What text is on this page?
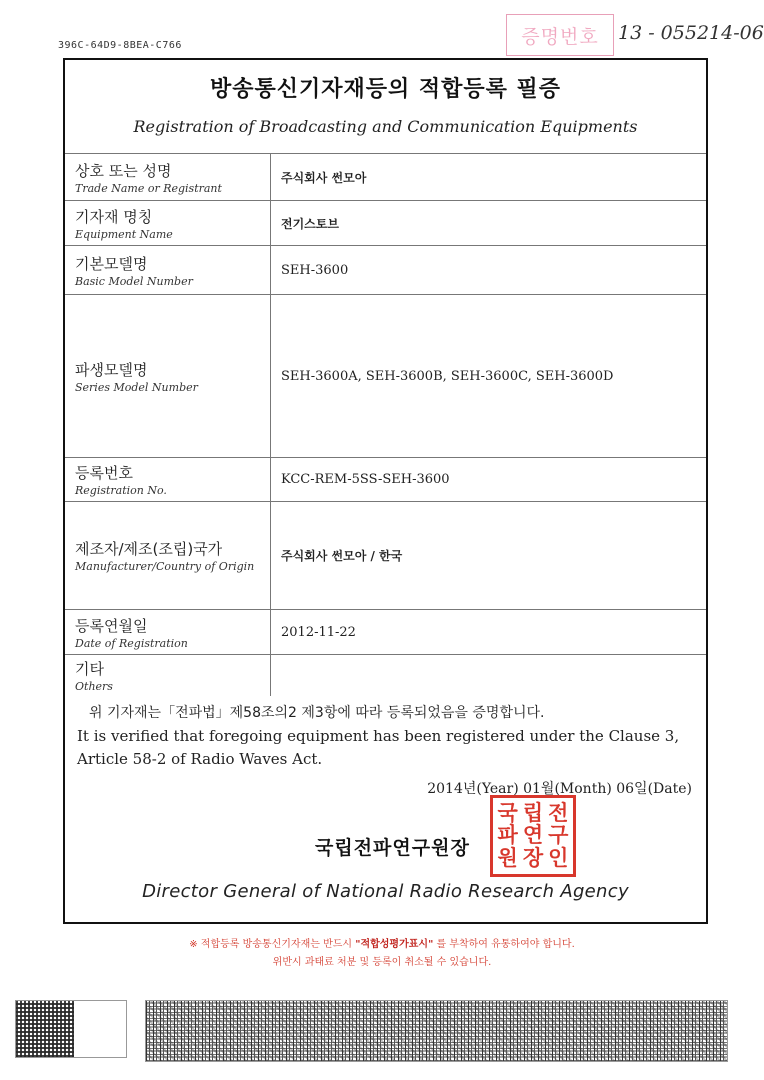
396C-64D9-8BEA-C766	증명번호	13 - 055214-06
방송통신기자재등의 적합등록 필증
Registration of Broadcasting and Communication Equipments
상호 또는 성명
Trade Name or Registrant	주식회사 썬모아

기자재 명칭
Equipment Name	전기스토브

기본모델명
Basic Model Number	SEH-3600

파생모델명
Series Model Number	SEH-3600A, SEH-3600B, SEH-3600C, SEH-3600D

등록번호
Registration No.	KCC-REM-5SS-SEH-3600

제조자/제조(조립)국가
Manufacturer/Country of Origin	주식회사 썬모아 / 한국

등록연월일
Date of Registration	2012-11-22

기타
Others	

위 기자재는「전파법」제58조의2 제3항에 따라 등록되었음을 증명합니다.
It is verified that foregoing equipment has been registered under the Clause 3, Article 58-2 of Radio Waves Act.
2014년(Year) 01월(Month) 06일(Date)
국립전파연구원장
국 립 전
파 연 구
원 장 인
Director General of National Radio Research Agency
※ 적합등록 방송통신기자재는 반드시 "적합성평가표시" 를 부착하여 유통하여야 합니다.
위반시 과태료 처분 및 등록이 취소될 수 있습니다.
